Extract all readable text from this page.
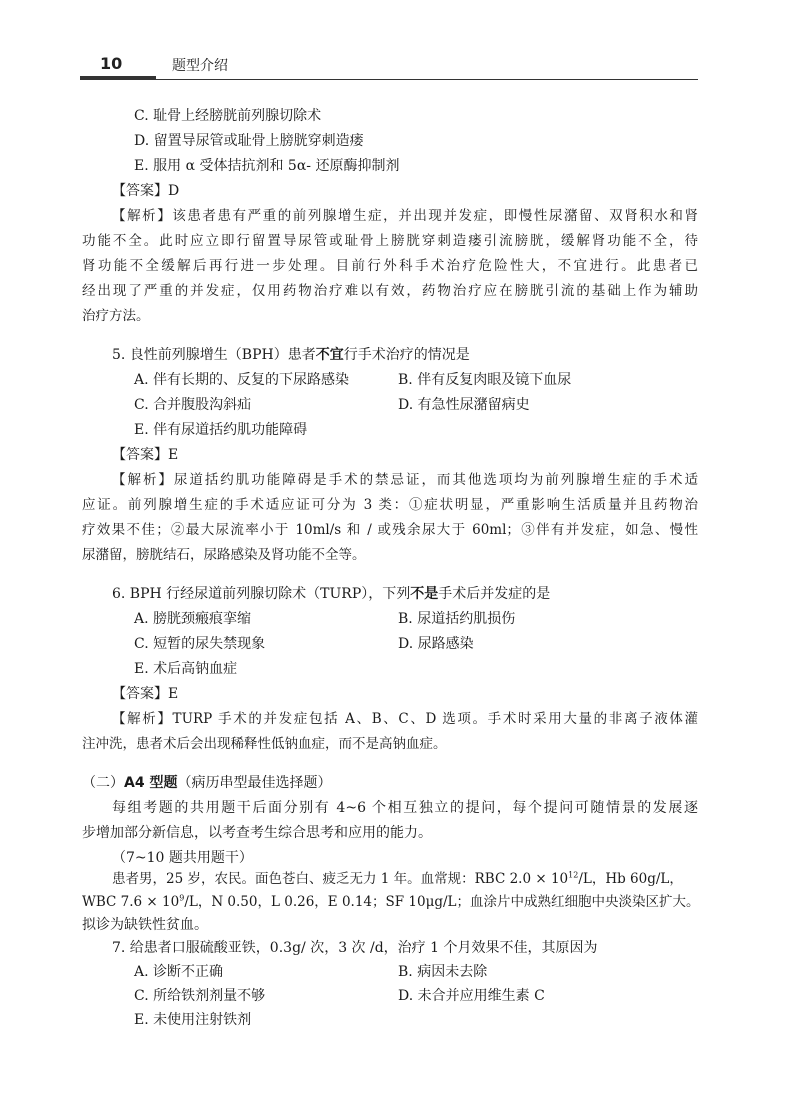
10	题型介绍
C. 耻骨上经膀胱前列腺切除术
D. 留置导尿管或耻骨上膀胱穿刺造瘘
E. 服用 α 受体拮抗剂和 5α- 还原酶抑制剂
【答案】D
【解析】该患者患有严重的前列腺增生症，并出现并发症，即慢性尿潴留、双肾积水和肾
功能不全。此时应立即行留置导尿管或耻骨上膀胱穿刺造瘘引流膀胱，缓解肾功能不全，待
肾功能不全缓解后再行进一步处理。目前行外科手术治疗危险性大，不宜进行。此患者已
经出现了严重的并发症，仅用药物治疗难以有效，药物治疗应在膀胱引流的基础上作为辅助
治疗方法。
5. 良性前列腺增生（BPH）患者不宜行手术治疗的情况是
A. 伴有长期的、反复的下尿路感染	B. 伴有反复肉眼及镜下血尿
C. 合并腹股沟斜疝	D. 有急性尿潴留病史
E. 伴有尿道括约肌功能障碍
【答案】E
【解析】尿道括约肌功能障碍是手术的禁忌证，而其他选项均为前列腺增生症的手术适
应证。前列腺增生症的手术适应证可分为 3 类：①症状明显，严重影响生活质量并且药物治
疗效果不佳；②最大尿流率小于 10ml/s 和 / 或残余尿大于 60ml；③伴有并发症，如急、慢性
尿潴留，膀胱结石，尿路感染及肾功能不全等。
6. BPH 行经尿道前列腺切除术（TURP），下列不是手术后并发症的是
A. 膀胱颈瘢痕挛缩	B. 尿道括约肌损伤
C. 短暂的尿失禁现象	D. 尿路感染
E. 术后高钠血症
【答案】E
【解析】TURP 手术的并发症包括 A、B、C、D 选项。手术时采用大量的非离子液体灌
注冲洗，患者术后会出现稀释性低钠血症，而不是高钠血症。
（二）A4 型题（病历串型最佳选择题）
每组考题的共用题干后面分别有 4~6 个相互独立的提问，每个提问可随情景的发展逐
步增加部分新信息，以考查考生综合思考和应用的能力。
（7~10 题共用题干）
患者男，25 岁，农民。面色苍白、疲乏无力 1 年。血常规：RBC $2.0 \times 10^{12}/L$，Hb 60g/L，
WBC $7.6 \times 10^9/L$，N 0.50，L 0.26，E 0.14；SF 10μg/L；血涂片中成熟红细胞中央淡染区扩大。
拟诊为缺铁性贫血。
7. 给患者口服硫酸亚铁，0.3g/ 次，3 次 /d，治疗 1 个月效果不佳，其原因为
A. 诊断不正确	B. 病因未去除
C. 所给铁剂剂量不够	D. 未合并应用维生素 C
E. 未使用注射铁剂
